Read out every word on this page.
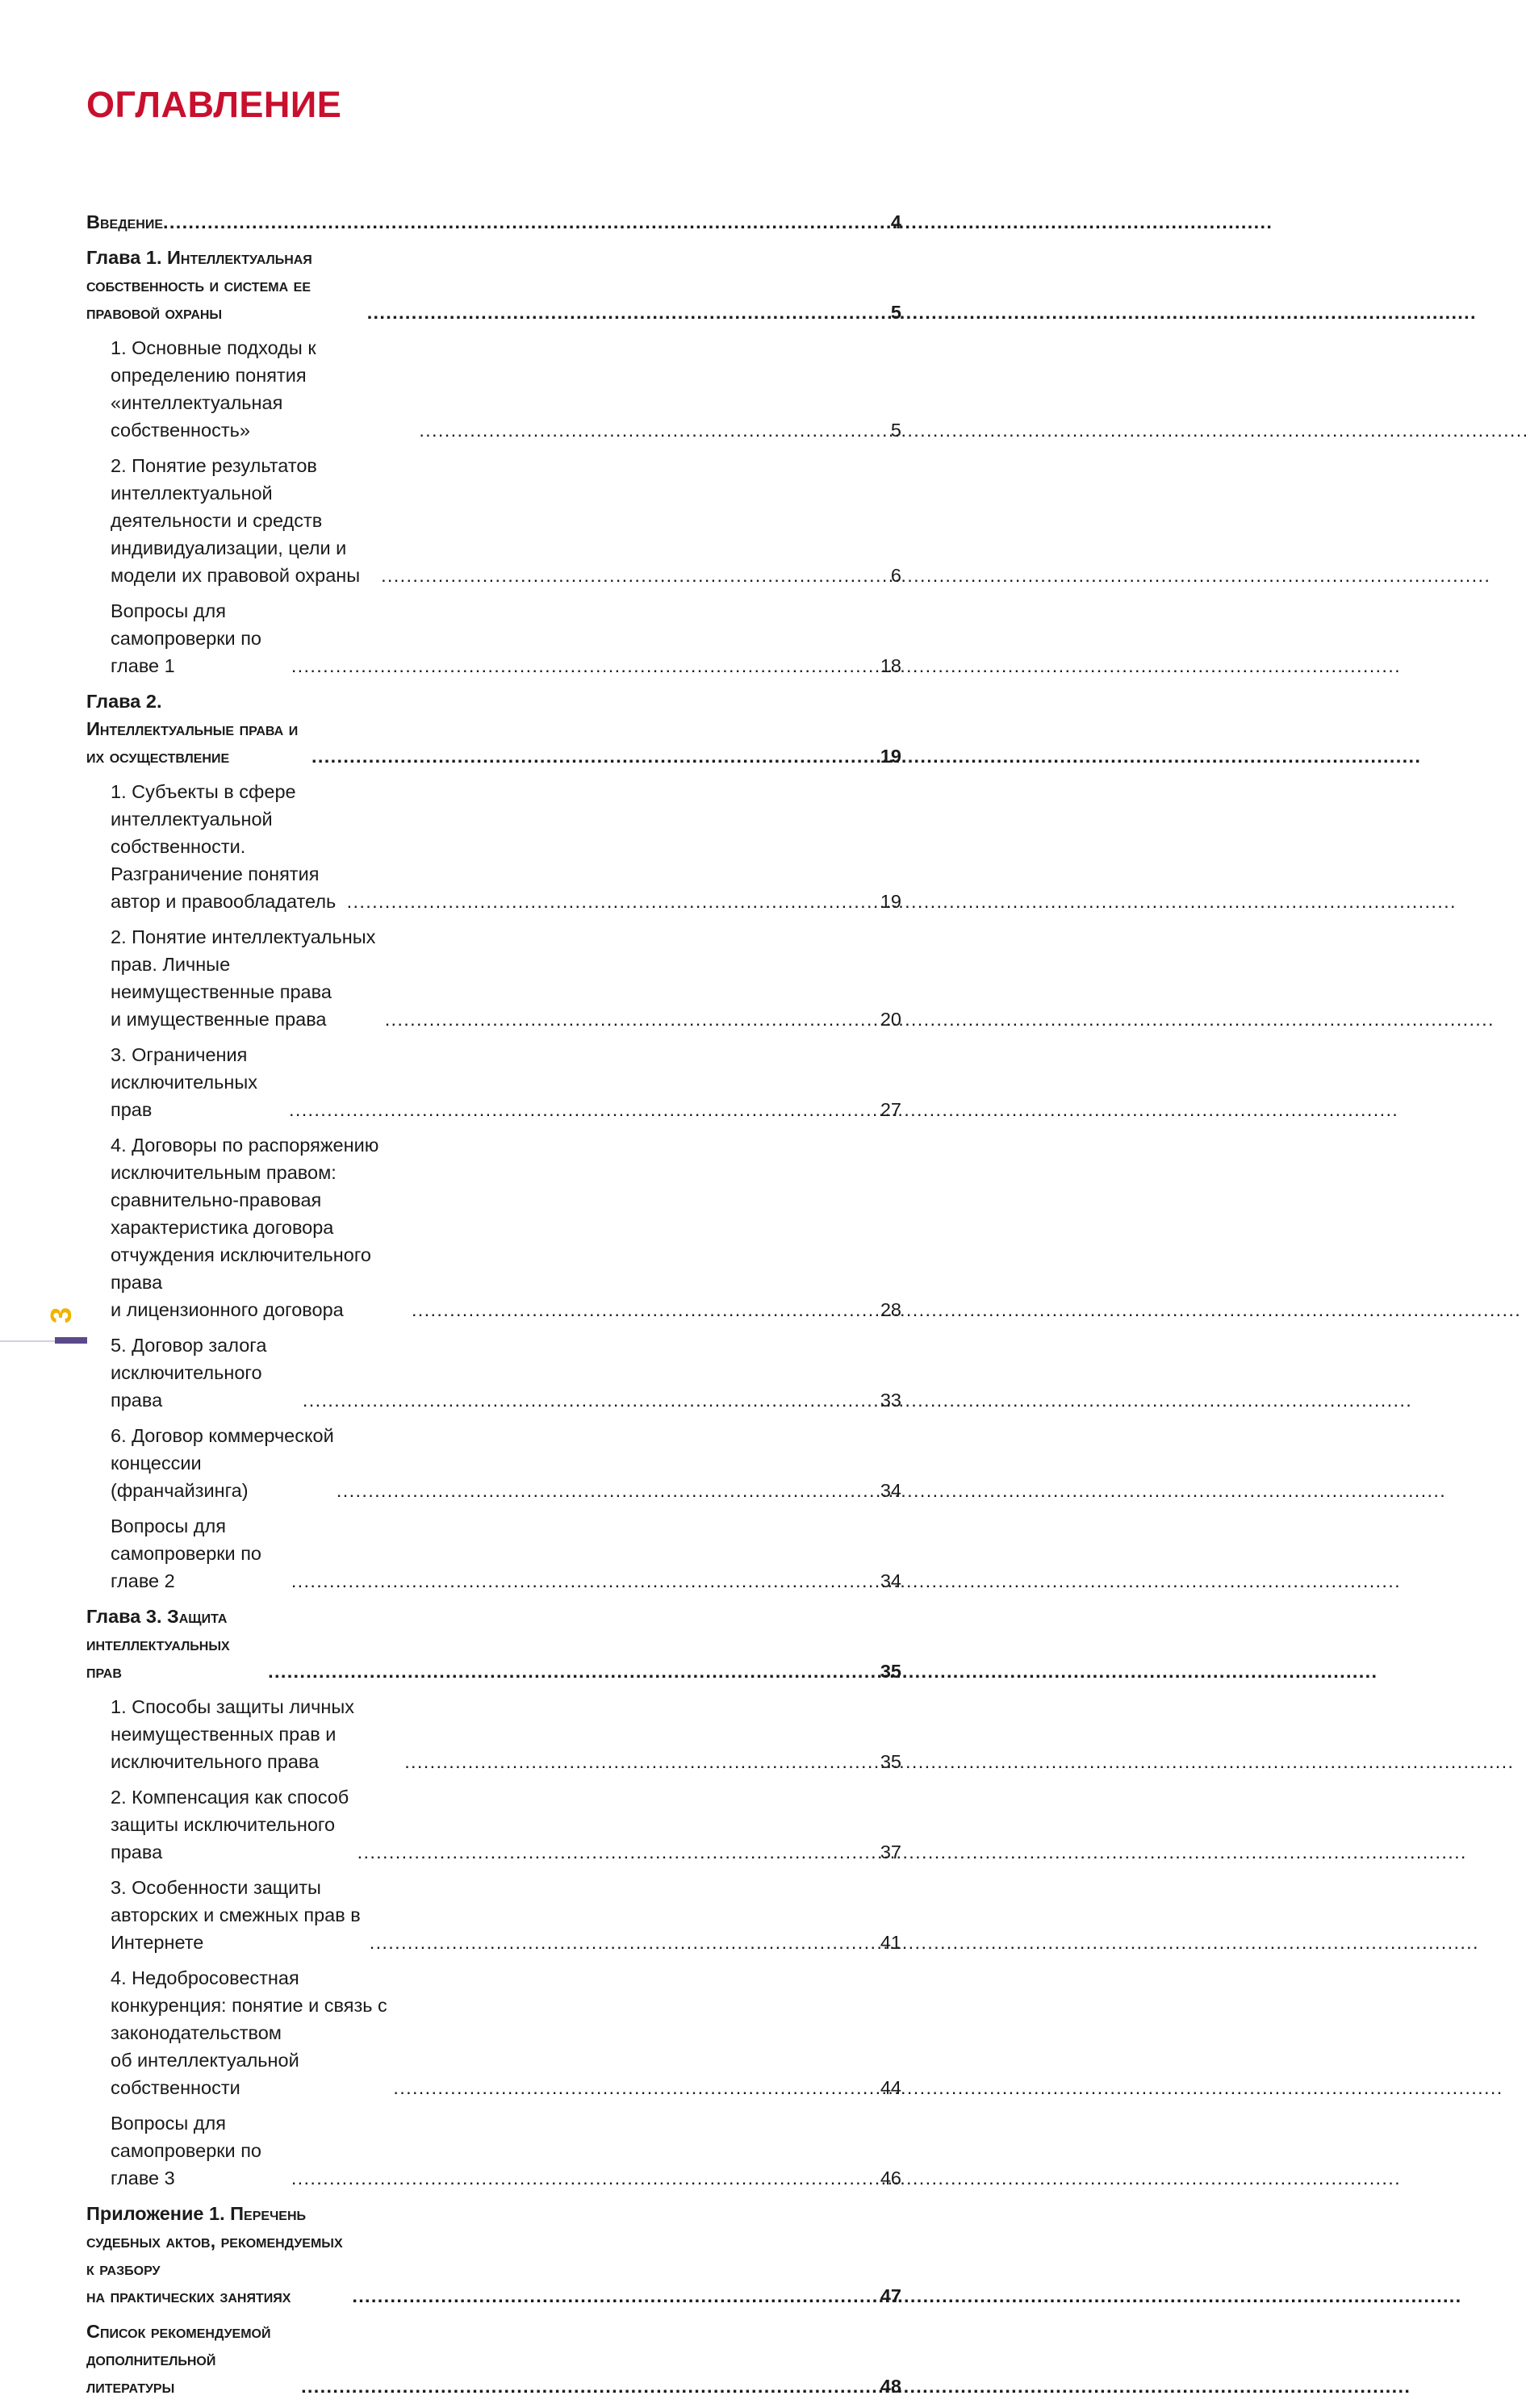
ОГЛАВЛЕНИЕ
Введение . . .	4
Глава 1. Интеллектуальная собственность и система ее правовой охраны . . .	5
1. Основные подходы к определению понятия «интеллектуальная собственность» . . .	5
2. Понятие результатов интеллектуальной деятельности и средств
индивидуализации, цели и модели их правовой охраны . . .	6
Вопросы для самопроверки по главе 1 . . .	18
Глава 2. Интеллектуальные права и их осуществление . . .	19
1. Субъекты в сфере интеллектуальной собственности.
Разграничение понятия автор и правообладатель . . .	19
2. Понятие интеллектуальных прав. Личные неимущественные права
и имущественные права . . .	20
3. Ограничения исключительных прав . . .	27
4. Договоры по распоряжению исключительным правом: сравнительно-правовая
характеристика договора отчуждения исключительного права
и лицензионного договора . . .	28
5. Договор залога исключительного права . . .	33
6. Договор коммерческой концессии (франчайзинга) . . .	34
Вопросы для самопроверки по главе 2 . . .	34
Глава 3. Защита интеллектуальных прав . . .	35
1. Способы защиты личных неимущественных прав и исключительного права . . .	35
2. Компенсация как способ защиты исключительного права . . .	37
3. Особенности защиты авторских и смежных прав в Интернете . . .	41
4. Недобросовестная конкуренция: понятие и связь с законодательством
об интеллектуальной собственности . . .	44
Вопросы для самопроверки по главе 3 . . .	46
Приложение 1. Перечень судебных актов, рекомендуемых к разбору
на практических занятиях . . .	47
Список рекомендуемой дополнительной литературы . . .	48
3
